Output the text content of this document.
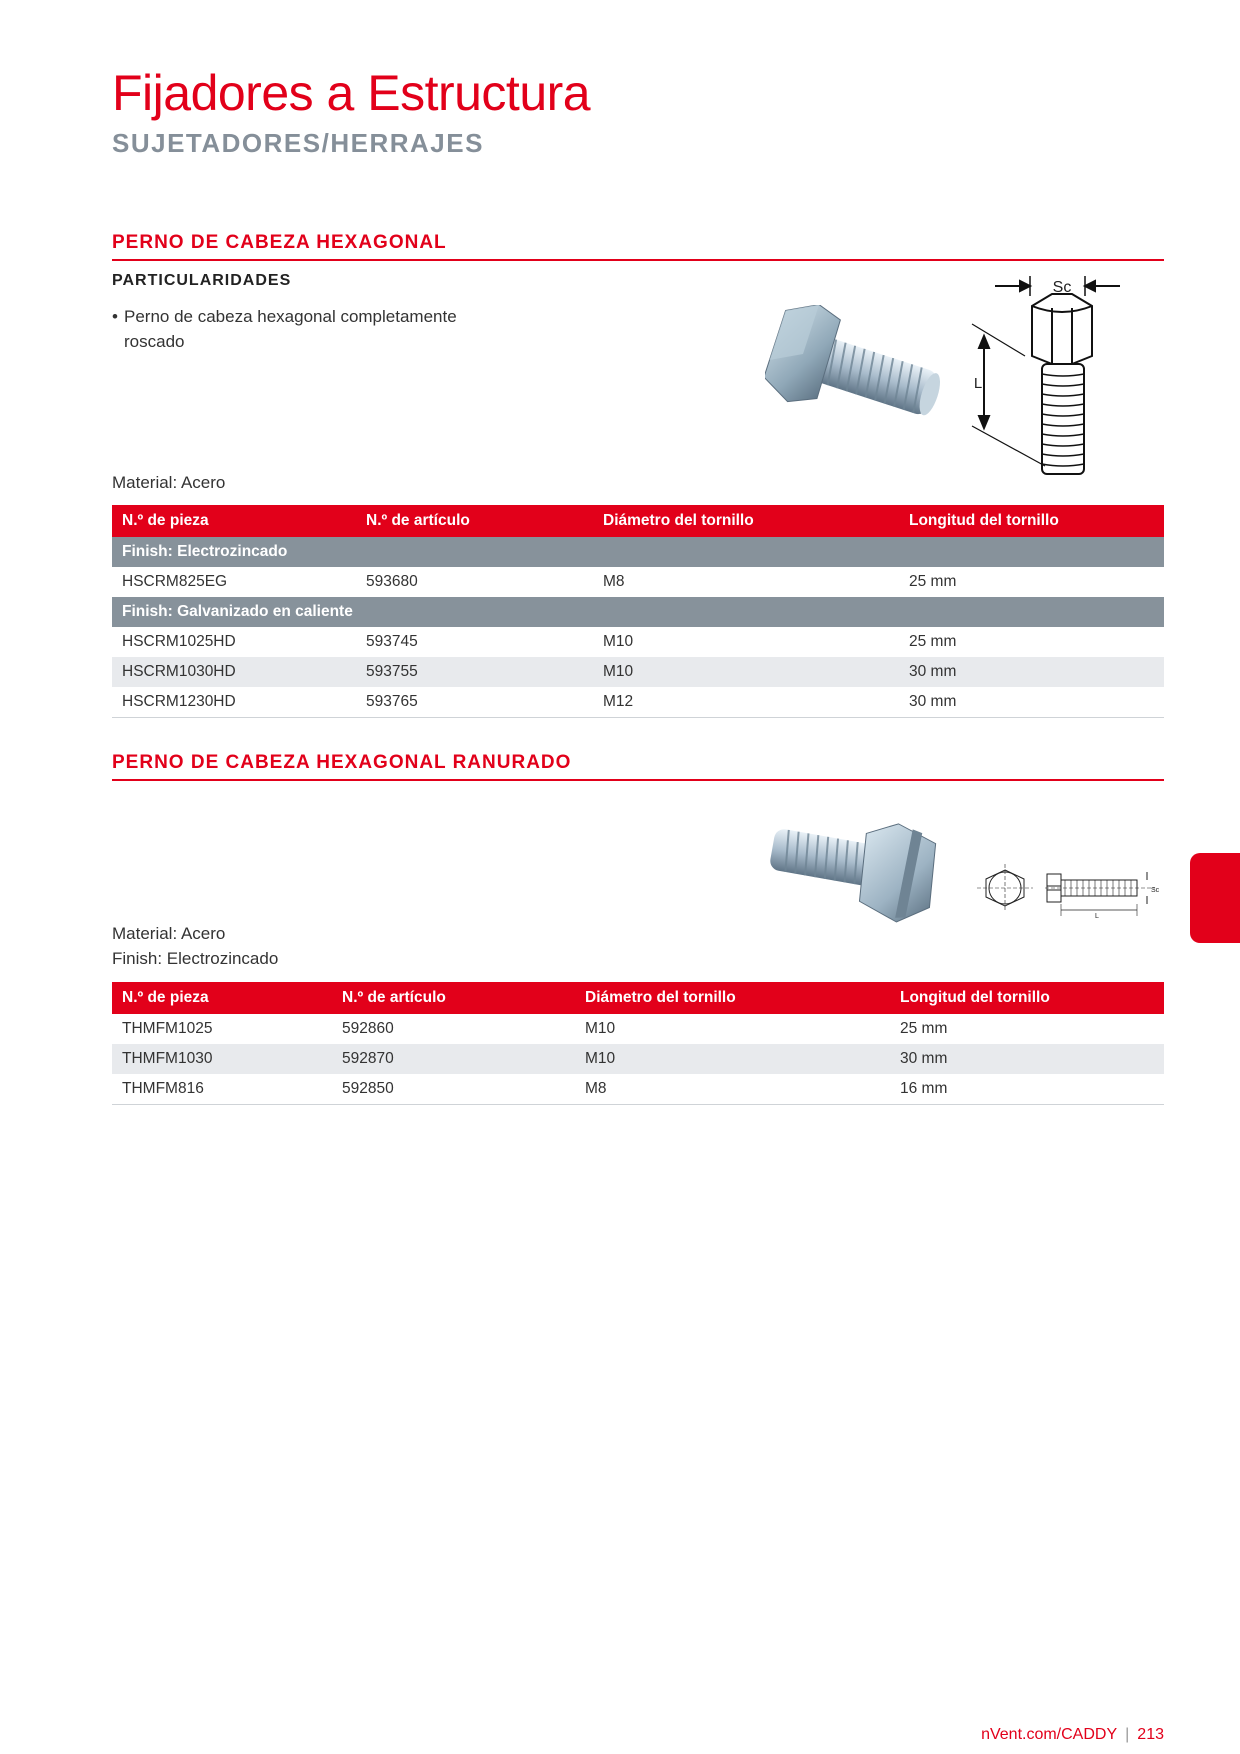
Fijadores a Estructura
SUJETADORES/HERRAJES
PERNO DE CABEZA HEXAGONAL
PARTICULARIDADES
• Perno de cabeza hexagonal completamente
roscado
Sc
L
Material: Acero
N.º de pieza	N.º de artículo	Diámetro del tornillo	Longitud del tornillo
Finish: Electrozincado			
HSCRM825EG	593680	M8	25 mm
Finish: Galvanizado en caliente			
HSCRM1025HD	593745	M10	25 mm
HSCRM1030HD	593755	M10	30 mm
HSCRM1230HD	593765	M12	30 mm
PERNO DE CABEZA HEXAGONAL RANURADO
Sc
L
Material: Acero
Finish: Electrozincado
N.º de pieza	N.º de artículo	Diámetro del tornillo	Longitud del tornillo
THMFM1025	592860	M10	25 mm
THMFM1030	592870	M10	30 mm
THMFM816	592850	M8	16 mm
nVent.com/CADDY | 213
